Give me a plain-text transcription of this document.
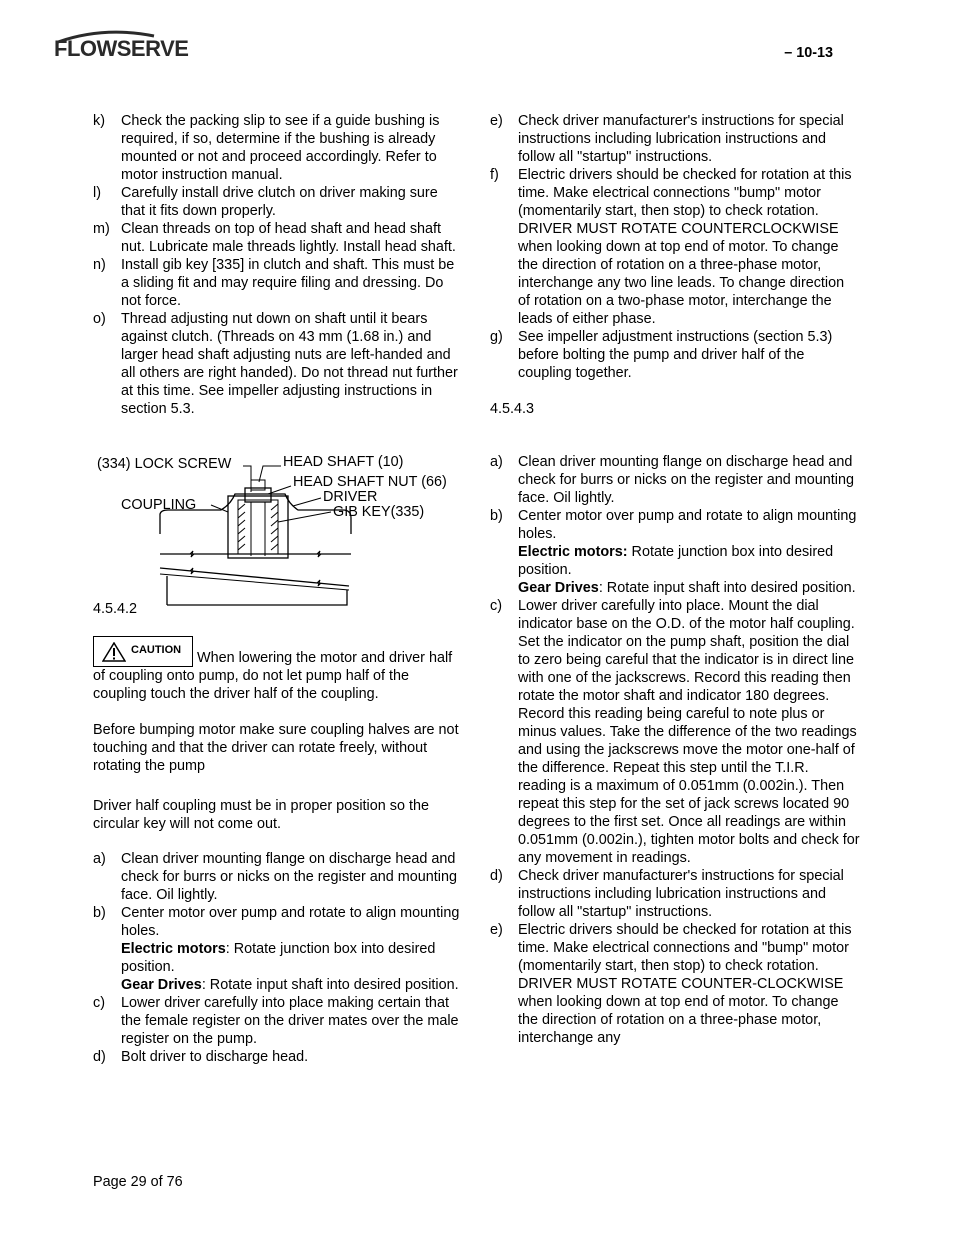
FLOWSERVE	– 10-13
k)	Check the packing slip to see if a guide bushing is required, if so, determine if the bushing is already mounted or not and proceed accordingly. Refer to motor instruction manual.
l)	Carefully install drive clutch on driver making sure that it fits down properly.
m) Clean threads on top of head shaft and head shaft nut. Lubricate male threads lightly. Install head shaft.
n)	Install gib key [335] in clutch and shaft. This must be a sliding fit and may require filing and dressing. Do not force.
o)	Thread adjusting nut down on shaft until it bears against clutch. (Threads on 43 mm (1.68 in.) and larger head shaft adjusting nuts are left-handed and all others are right handed). Do not thread nut further at this time. See impeller adjusting instructions in section 5.3.

4.5.4.2

CAUTION When lowering the motor and driver half of coupling onto pump, do not let pump half of the coupling touch the driver half of the coupling.

Before bumping motor make sure coupling halves are not touching and that the driver can rotate freely, without rotating the pump

Driver half coupling must be in proper position so the circular key will not come out.

a)	Clean driver mounting flange on discharge head and check for burrs or nicks on the register and mounting face. Oil lightly.
b)	Center motor over pump and rotate to align mounting holes.
Electric motors: Rotate junction box into desired position.
Gear Drives: Rotate input shaft into desired position.
c)	Lower driver carefully into place making certain that the female register on the driver mates over the male register on the pump.
d)	Bolt driver to discharge head.
(334) LOCK SCREW	HEAD SHAFT (10)
HEAD SHAFT NUT (66)
DRIVER
COUPLING	GIB KEY(335)
e)	Check driver manufacturer's instructions for special instructions including lubrication instructions and follow all "startup" instructions.
f)	Electric drivers should be checked for rotation at this time. Make electrical connections "bump" motor (momentarily start, then stop) to check rotation. DRIVER MUST ROTATE COUNTERCLOCKWISE when looking down at top end of motor. To change the direction of rotation on a three-phase motor, interchange any two line leads. To change direction of rotation on a two-phase motor, interchange the leads of either phase.
g)	See impeller adjustment instructions (section 5.3) before bolting the pump and driver half of the coupling together.

4.5.4.3

a)	Clean driver mounting flange on discharge head and check for burrs or nicks on the register and mounting face. Oil lightly.
b)	Center motor over pump and rotate to align mounting holes.
Electric motors: Rotate junction box into desired position.
Gear Drives: Rotate input shaft into desired position.
c)	Lower driver carefully into place. Mount the dial indicator base on the O.D. of the motor half coupling. Set the indicator on the pump shaft, position the dial to zero being careful that the indicator is in direct line with one of the jackscrews. Record this reading then rotate the motor shaft and indicator 180 degrees. Record this reading being careful to note plus or minus values. Take the difference of the two readings and using the jackscrews move the motor one-half of the difference. Repeat this step until the T.I.R. reading is a maximum of 0.051mm (0.002in.). Then repeat this step for the set of jack screws located 90 degrees to the first set. Once all readings are within 0.051mm (0.002in.), tighten motor bolts and check for any movement in readings.
d)	Check driver manufacturer's instructions for special instructions including lubrication instructions and follow all "startup" instructions.
e)	Electric drivers should be checked for rotation at this time. Make electrical connections and "bump" motor (momentarily start, then stop) to check rotation. DRIVER MUST ROTATE COUNTER-CLOCKWISE when looking down at top end of motor. To change the direction of rotation on a three-phase motor, interchange any
Page 29 of 76
